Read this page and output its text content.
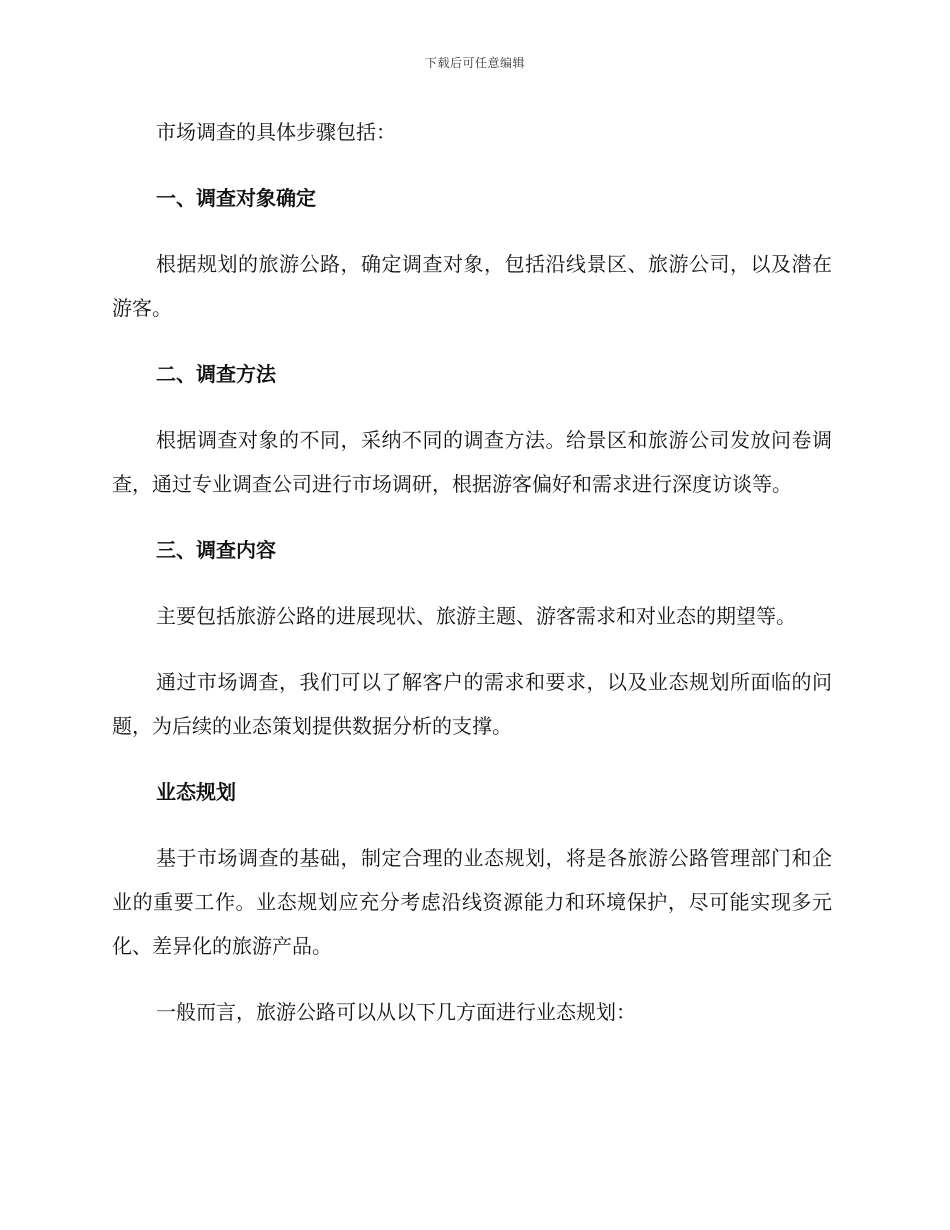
下载后可任意编辑

市场调查的具体步骤包括：

一、调查对象确定

根据规划的旅游公路，确定调查对象，包括沿线景区、旅游公司，以及潜在游客。

二、调查方法

根据调查对象的不同，采纳不同的调查方法。给景区和旅游公司发放问卷调查，通过专业调查公司进行市场调研，根据游客偏好和需求进行深度访谈等。

三、调查内容

主要包括旅游公路的进展现状、旅游主题、游客需求和对业态的期望等。

通过市场调查，我们可以了解客户的需求和要求，以及业态规划所面临的问题，为后续的业态策划提供数据分析的支撑。

业态规划

基于市场调查的基础，制定合理的业态规划，将是各旅游公路管理部门和企业的重要工作。业态规划应充分考虑沿线资源能力和环境保护，尽可能实现多元化、差异化的旅游产品。

一般而言，旅游公路可以从以下几方面进行业态规划：
